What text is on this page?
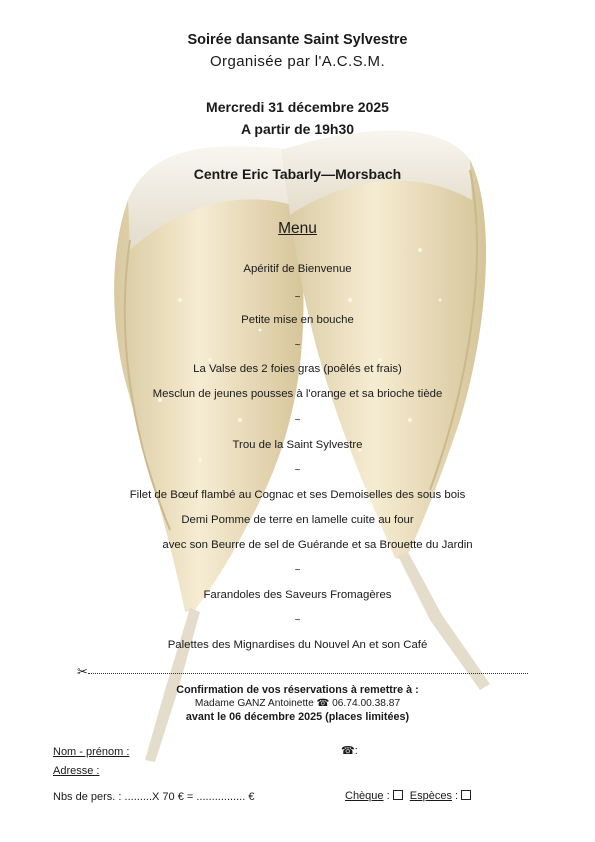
Soirée dansante Saint Sylvestre
Organisée par l'A.C.S.M.
Mercredi 31 décembre 2025
A partir de 19h30
Centre Eric Tabarly—Morsbach
Menu
Apéritif de Bienvenue
~
Petite mise en bouche
~
La Valse des 2 foies gras (poêlés et frais)
Mesclun de jeunes pousses à l'orange et sa brioche tiède
~
Trou de la Saint Sylvestre
~
Filet de Bœuf flambé au Cognac et ses Demoiselles des sous bois
Demi Pomme de terre en lamelle cuite au four
avec son Beurre de sel de Guérande et sa Brouette du Jardin
~
Farandoles des Saveurs Fromagères
~
Palettes des Mignardises du Nouvel An et son Café
✂
Confirmation de vos réservations à remettre à :
Madame GANZ Antoinette ☎ 06.74.00.38.87
avant le 06 décembre 2025 (places limitées)
Nom - prénom :	☎:
Adresse :
Nbs de pers. : .........X 70 € = ................ €	Chèque :  Espèces :
